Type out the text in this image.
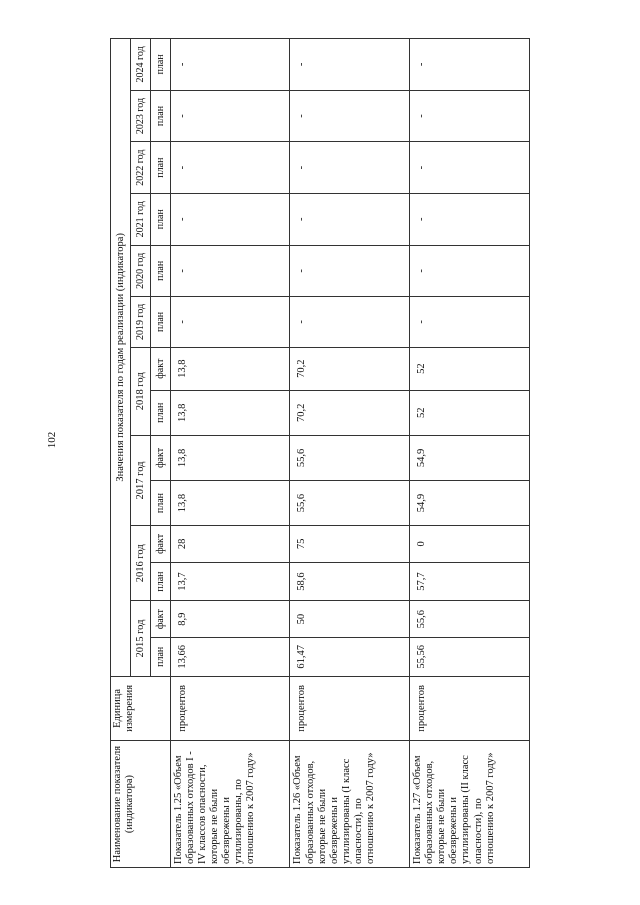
102
Наименование показателя (индикатора)	Единица измерения	Значения показателя по годам реализации (индикатора)													
		2015 год		2016 год		2017 год		2018 год		2019 год	2020 год	2021 год	2022 год	2023 год	2024 год
		план	факт	план	факт	план	факт	план	факт	план	план	план	план	план	план
Показатель 1.25 «Объем образованных отходов I - IV классов опасности, которые не были обезврежены и утилизированы, по отношению к 2007 году»	процентов	13,66	8,9	13,7	28	13,8	13,8	13,8	13,8	-	-	-	-	-	-
Показатель 1.26 «Объем образованных отходов, которые не были обезврежены и утилизированы (I класс опасности), по отношению к 2007 году»	процентов	61,47	50	58,6	75	55,6	55,6	70,2	70,2	-	-	-	-	-	-
Показатель 1.27 «Объем образованных отходов, которые не были обезврежены и утилизированы (II класс опасности), по отношению к 2007 году»	процентов	55,56	55,6	57,7	0	54,9	54,9	52	52	-	-	-	-	-	-
